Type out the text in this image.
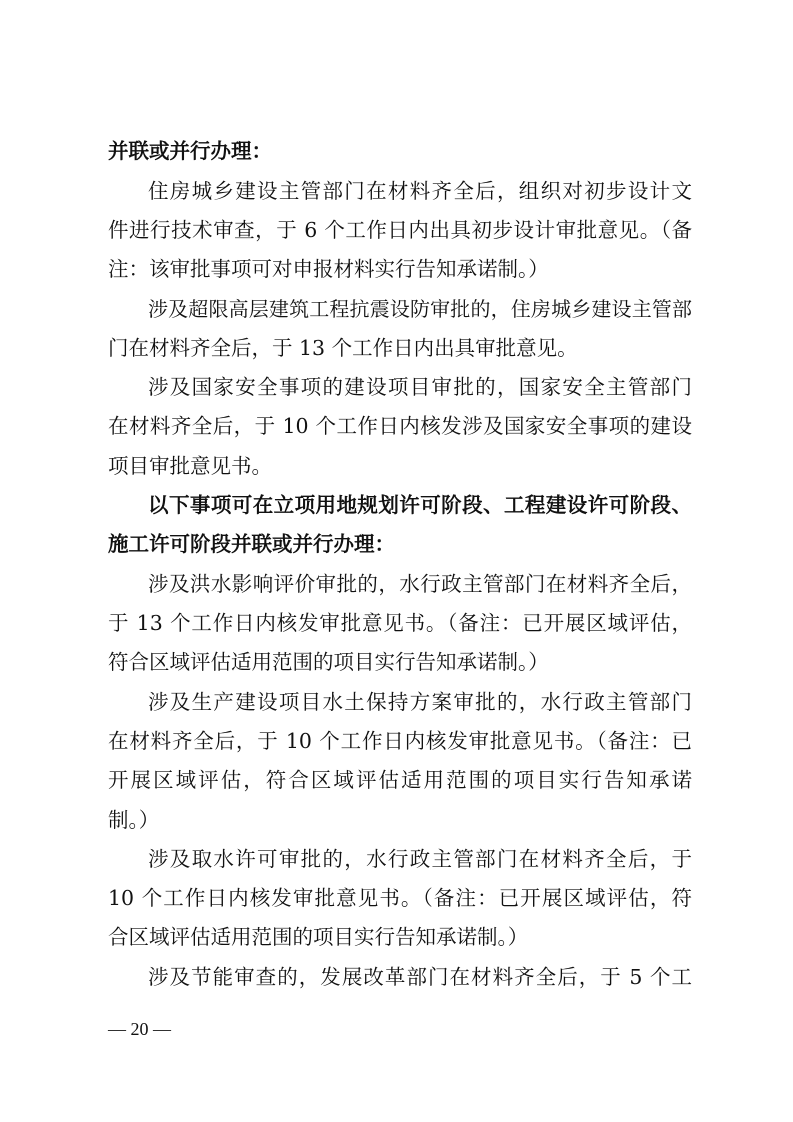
并联或并行办理：
住房城乡建设主管部门在材料齐全后，组织对初步设计文
件进行技术审查，于 6 个工作日内出具初步设计审批意见。（备
注：该审批事项可对申报材料实行告知承诺制。）
涉及超限高层建筑工程抗震设防审批的，住房城乡建设主管部
门在材料齐全后，于 13 个工作日内出具审批意见。
涉及国家安全事项的建设项目审批的，国家安全主管部门
在材料齐全后，于 10 个工作日内核发涉及国家安全事项的建设
项目审批意见书。
以下事项可在立项用地规划许可阶段、工程建设许可阶段、
施工许可阶段并联或并行办理：
涉及洪水影响评价审批的，水行政主管部门在材料齐全后，
于 13 个工作日内核发审批意见书。（备注：已开展区域评估，
符合区域评估适用范围的项目实行告知承诺制。）
涉及生产建设项目水土保持方案审批的，水行政主管部门
在材料齐全后，于 10 个工作日内核发审批意见书。（备注：已
开展区域评估，符合区域评估适用范围的项目实行告知承诺
制。）
涉及取水许可审批的，水行政主管部门在材料齐全后，于
10 个工作日内核发审批意见书。（备注：已开展区域评估，符
合区域评估适用范围的项目实行告知承诺制。）
涉及节能审查的，发展改革部门在材料齐全后，于 5 个工
— 20 —
